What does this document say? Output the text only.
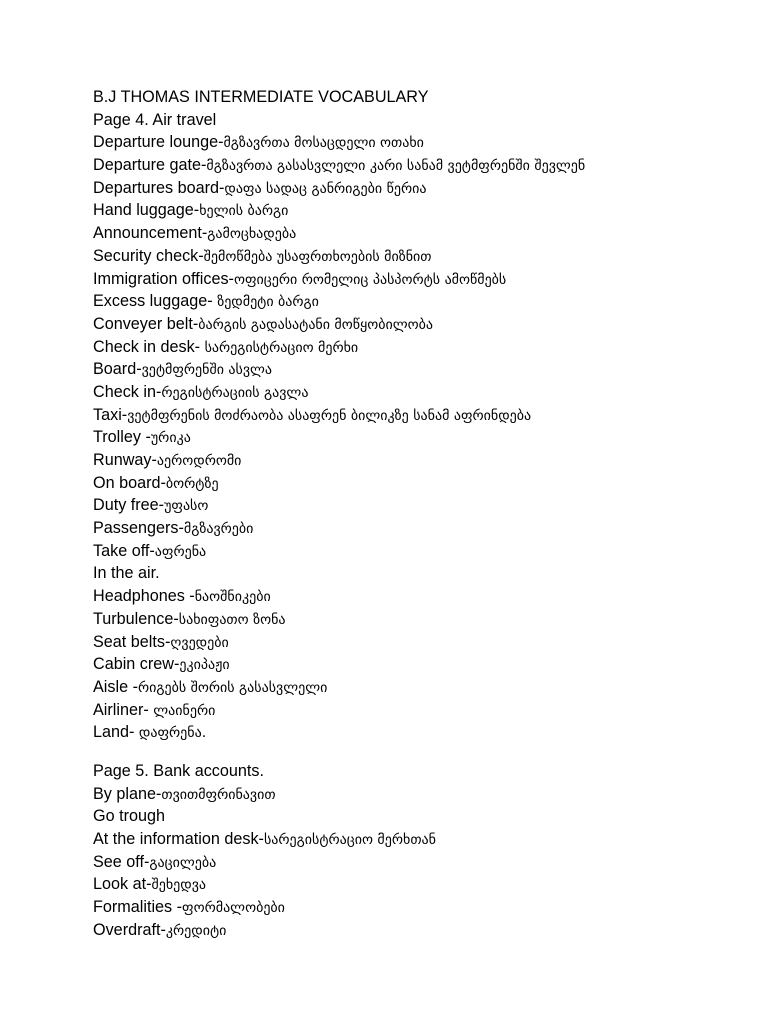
B.J THOMAS INTERMEDIATE VOCABULARY
Page 4. Air travel
Departure lounge-მგზავრთა მოსაცდელი ოთახი
Departure gate-მგზავრთა გასასვლელი კარი სანამ ვეტმფრენში შევლენ
Departures board-დაფა სადაც განრიგები წერია
Hand luggage-ხელის ბარგი
Announcement-გამოცხადება
Security check-შემოწმება უსაფრთხოების მიზნით
Immigration offices-ოფიცერი რომელიც პასპორტს ამოწმებს
Excess luggage- ზედმეტი ბარგი
Conveyer belt-ბარგის გადასატანი მოწყობილობა
Check in desk- სარეგისტრაციო მერხი
Board-ვეტმფრენში ასვლა
Check in-რეგისტრაციის გავლა
Taxi-ვეტმფრენის მოძრაობა ასაფრენ ბილიკზე სანამ აფრინდება
Trolley -ურიკა
Runway-აეროდრომი
On board-ბორტზე
Duty free-უფასო
Passengers-მგზავრები
Take off-აფრენა
In the air.
Headphones -ნაოშნიკები
Turbulence-სახიფათო ზონა
Seat belts-ღვედები
Cabin crew-ეკიპაჟი
Aisle -რიგებს შორის გასასვლელი
Airliner- ლაინერი
Land- დაფრენა.
Page 5. Bank accounts.
By plane-თვითმფრინავით
Go trough
At the information desk-სარეგისტრაციო მერხთან
See off-გაცილება
Look at-შეხედვა
Formalities -ფორმალობები
Overdraft-კრედიტი
